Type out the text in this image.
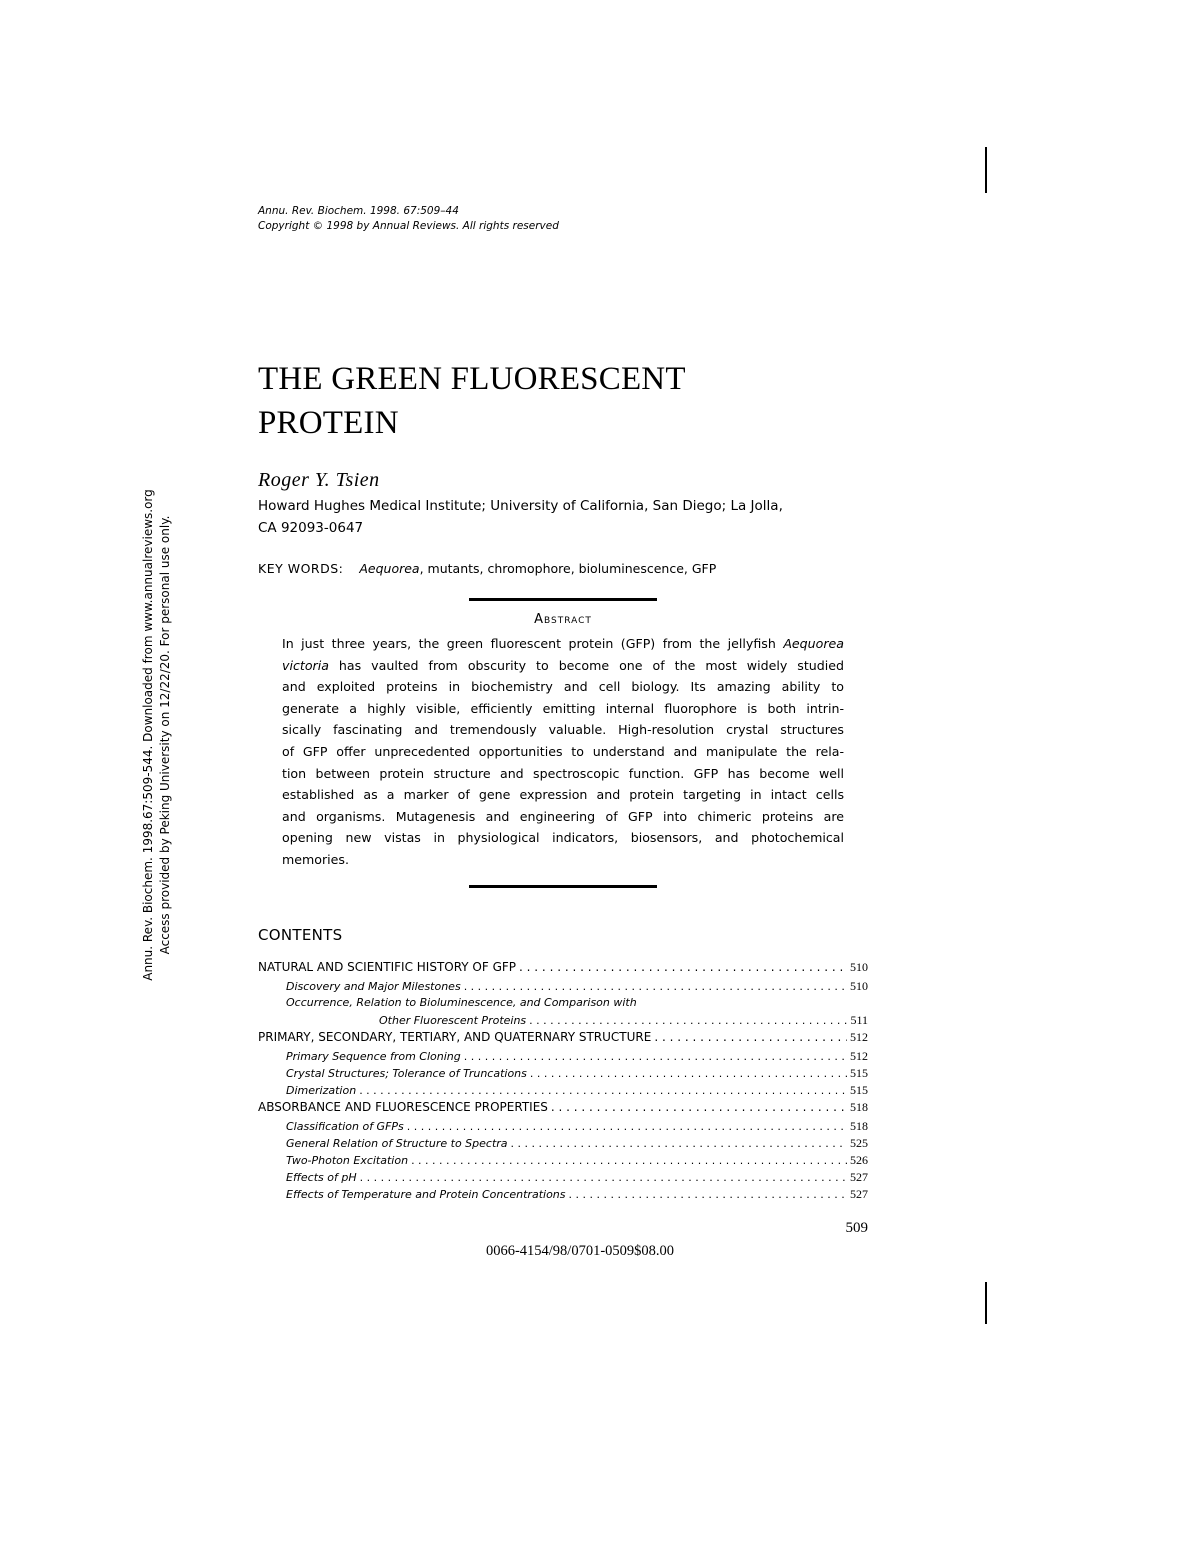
Annu. Rev. Biochem. 1998. 67:509–44
Copyright © 1998 by Annual Reviews. All rights reserved
THE GREEN FLUORESCENT
PROTEIN
Roger Y. Tsien
Howard Hughes Medical Institute; University of California, San Diego; La Jolla,
CA 92093-0647
KEY WORDS: Aequorea, mutants, chromophore, bioluminescence, GFP
Abstract
In just three years, the green fluorescent protein (GFP) from the jellyfish Aequorea
victoria has vaulted from obscurity to become one of the most widely studied
and exploited proteins in biochemistry and cell biology. Its amazing ability to
generate a highly visible, efficiently emitting internal fluorophore is both intrin-
sically fascinating and tremendously valuable. High-resolution crystal structures
of GFP offer unprecedented opportunities to understand and manipulate the rela-
tion between protein structure and spectroscopic function. GFP has become well
established as a marker of gene expression and protein targeting in intact cells
and organisms. Mutagenesis and engineering of GFP into chimeric proteins are
opening new vistas in physiological indicators, biosensors, and photochemical
memories.
CONTENTS
NATURAL AND SCIENTIFIC HISTORY OF GFP . . .	510
Discovery and Major Milestones . . .	510
Occurrence, Relation to Bioluminescence, and Comparison with
Other Fluorescent Proteins . . .	511
PRIMARY, SECONDARY, TERTIARY, AND QUATERNARY STRUCTURE . . .	512
Primary Sequence from Cloning . . .	512
Crystal Structures; Tolerance of Truncations . . .	515
Dimerization . . .	515
ABSORBANCE AND FLUORESCENCE PROPERTIES . . .	518
Classification of GFPs . . .	518
General Relation of Structure to Spectra . . .	525
Two-Photon Excitation . . .	526
Effects of pH . . .	527
Effects of Temperature and Protein Concentrations . . .	527
509
0066-4154/98/0701-0509$08.00
Annu. Rev. Biochem. 1998.67:509-544. Downloaded from www.annualreviews.org Access provided by Peking University on 12/22/20. For personal use only.
